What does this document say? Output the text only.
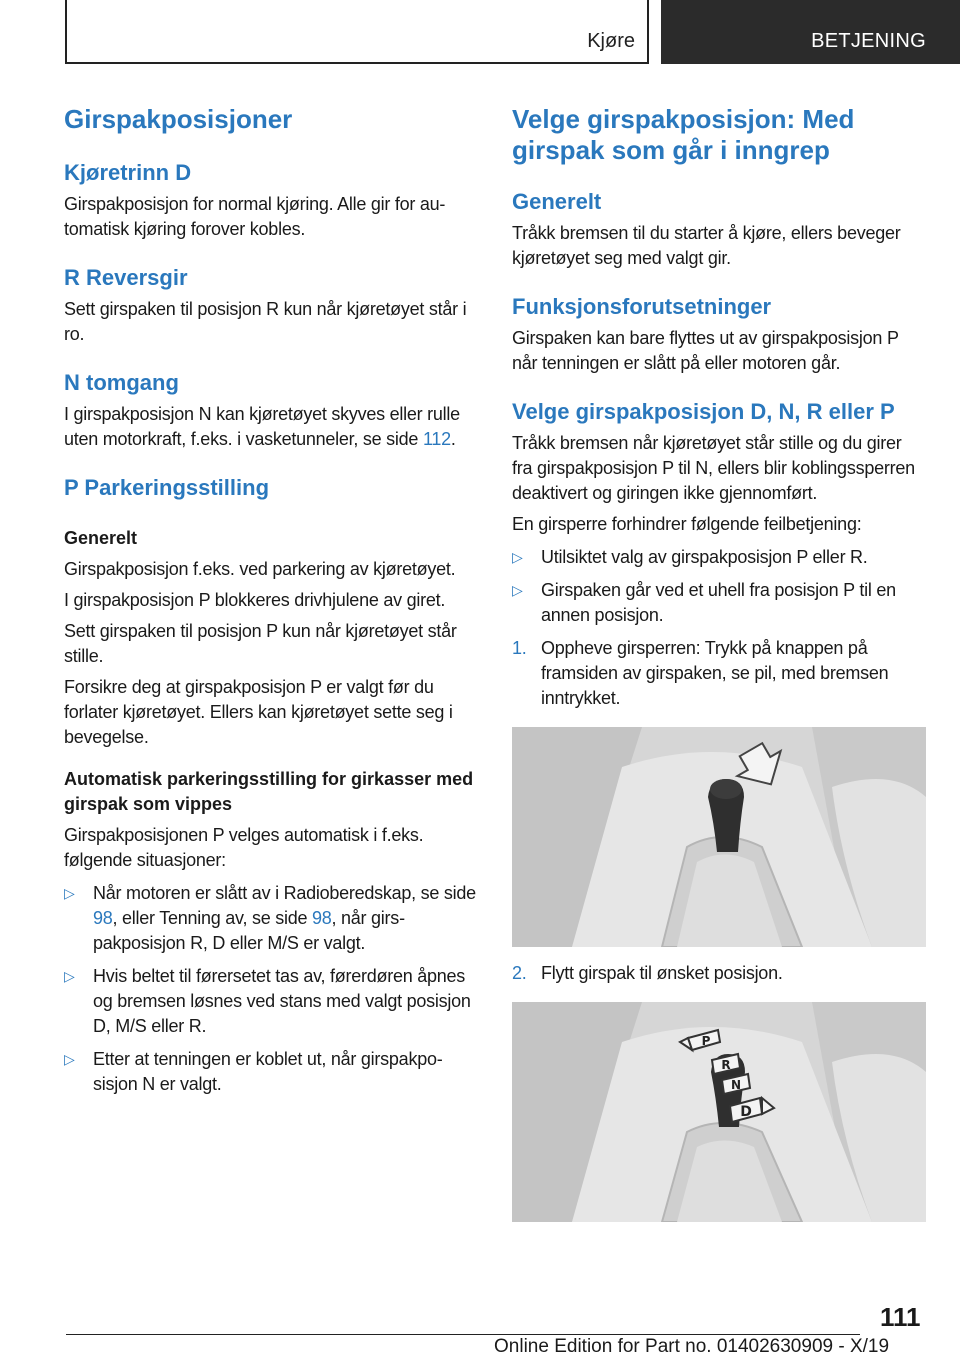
Kjøre	BETJENING
Girspakposisjoner
Kjøretrinn D

Girspakposisjon for normal kjøring. Alle gir for automatisk kjøring forover kobles.

R Reversgir

Sett girspaken til posisjon R kun når kjøretøyet står i ro.

N tomgang

I girspakposisjon N kan kjøretøyet skyves eller rulle uten motorkraft, f.eks. i vasketunneler, se side 112.

P Parkeringsstilling
Generelt

Girspakposisjon f.eks. ved parkering av kjøretøyet.

I girspakposisjon P blokkeres drivhjulene av giret.

Sett girspaken til posisjon P kun når kjøretøyet står stille.

Forsikre deg at girspakposisjon P er valgt før du forlater kjøretøyet. Ellers kan kjøretøyet sette seg i bevegelse.

Automatisk parkeringsstilling for girkasser med girspak som vippes

Girspakposisjonen P velges automatisk i f.eks. følgende situasjoner:

▷ Når motoren er slått av i Radioberedskap, se side 98, eller Tenning av, se side 98, når girspakposisjon R, D eller M/S er valgt.
▷ Hvis beltet til førersetet tas av, førerdøren åpnes og bremsen løsnes ved stans med valgt posisjon D, M/S eller R.
▷ Etter at tenningen er koblet ut, når girspakposisjon N er valgt.
Velge girspakposisjon: Med girspak som går i inngrep
Generelt

Tråkk bremsen til du starter å kjøre, ellers beveger kjøretøyet seg med valgt gir.

Funksjonsforutsetninger

Girspaken kan bare flyttes ut av girspakposisjon P når tenningen er slått på eller motoren går.

Velge girspakposisjon D, N, R eller P

Tråkk bremsen når kjøretøyet står stille og du girer fra girspakposisjon P til N, ellers blir koblingssperren deaktivert og giringen ikke gjennomført.

En girsperre forhindrer følgende feilbetjening:

▷ Utilsiktet valg av girspakposisjon P eller R.
▷ Girspaken går ved et uhell fra posisjon P til en annen posisjon.
1. Oppheve girsperren: Trykk på knappen på framsiden av girspaken, se pil, med bremsen inntrykket.
2. Flytt girspak til ønsket posisjon.
P
R
N
D
111
Online Edition for Part no. 01402630909 - X/19
